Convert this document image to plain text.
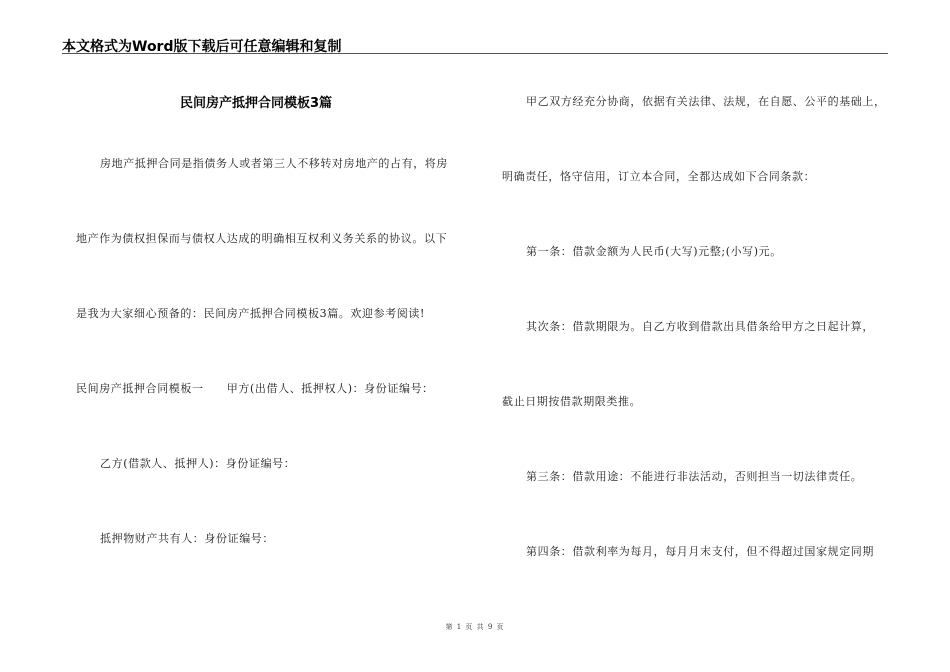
本文格式为Word版下载后可任意编辑和复制
民间房产抵押合同模板3篇
房地产抵押合同是指债务人或者第三人不移转对房地产的占有，将房
地产作为债权担保而与债权人达成的明确相互权利义务关系的协议。以下
是我为大家细心预备的：民间房产抵押合同模板3篇。欢迎参考阅读!
民间房产抵押合同模板一　　甲方(出借人、抵押权人)：身份证编号：
乙方(借款人、抵押人)：身份证编号：
抵押物财产共有人：身份证编号：
甲乙双方经充分协商，依据有关法律、法规，在自愿、公平的基础上，
明确责任，恪守信用，订立本合同，全都达成如下合同条款：
第一条：借款金额为人民币(大写)元整;(小写)元。
其次条：借款期限为。自乙方收到借款出具借条给甲方之日起计算，
截止日期按借款期限类推。
第三条：借款用途：不能进行非法活动，否则担当一切法律责任。
第四条：借款利率为每月，每月月末支付，但不得超过国家规定同期
第 1 页 共 9 页
